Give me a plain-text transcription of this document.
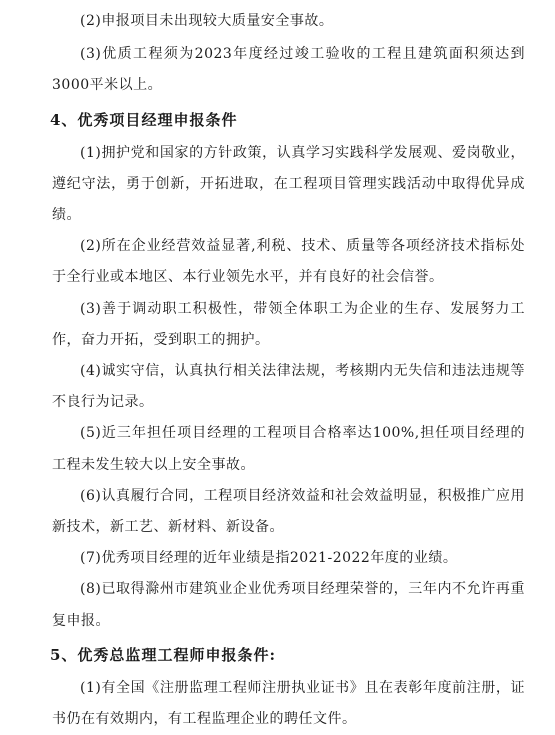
(2)申报项目未出现较大质量安全事故。

(3)优质工程须为2023年度经过竣工验收的工程且建筑面积须达到3000平米以上。

4、优秀项目经理申报条件

(1)拥护党和国家的方针政策，认真学习实践科学发展观、爱岗敬业，遵纪守法，勇于创新，开拓进取，在工程项目管理实践活动中取得优异成绩。

(2)所在企业经营效益显著,利税、技术、质量等各项经济技术指标处于全行业或本地区、本行业领先水平，并有良好的社会信誉。

(3)善于调动职工积极性，带领全体职工为企业的生存、发展努力工作，奋力开拓，受到职工的拥护。

(4)诚实守信，认真执行相关法律法规，考核期内无失信和违法违规等不良行为记录。

(5)近三年担任项目经理的工程项目合格率达100%,担任项目经理的工程未发生较大以上安全事故。

(6)认真履行合同，工程项目经济效益和社会效益明显，积极推广应用新技术，新工艺、新材料、新设备。

(7)优秀项目经理的近年业绩是指2021-2022年度的业绩。

(8)已取得滁州市建筑业企业优秀项目经理荣誉的，三年内不允许再重复申报。

5、优秀总监理工程师申报条件:

(1)有全国《注册监理工程师注册执业证书》且在表彰年度前注册，证书仍在有效期内，有工程监理企业的聘任文件。
